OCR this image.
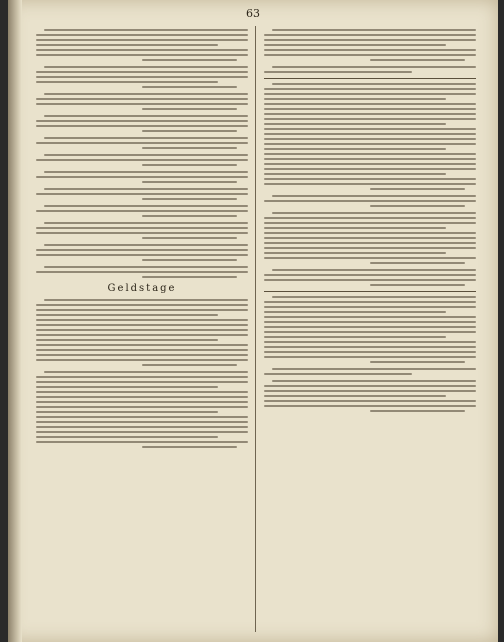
63
Geldstage
